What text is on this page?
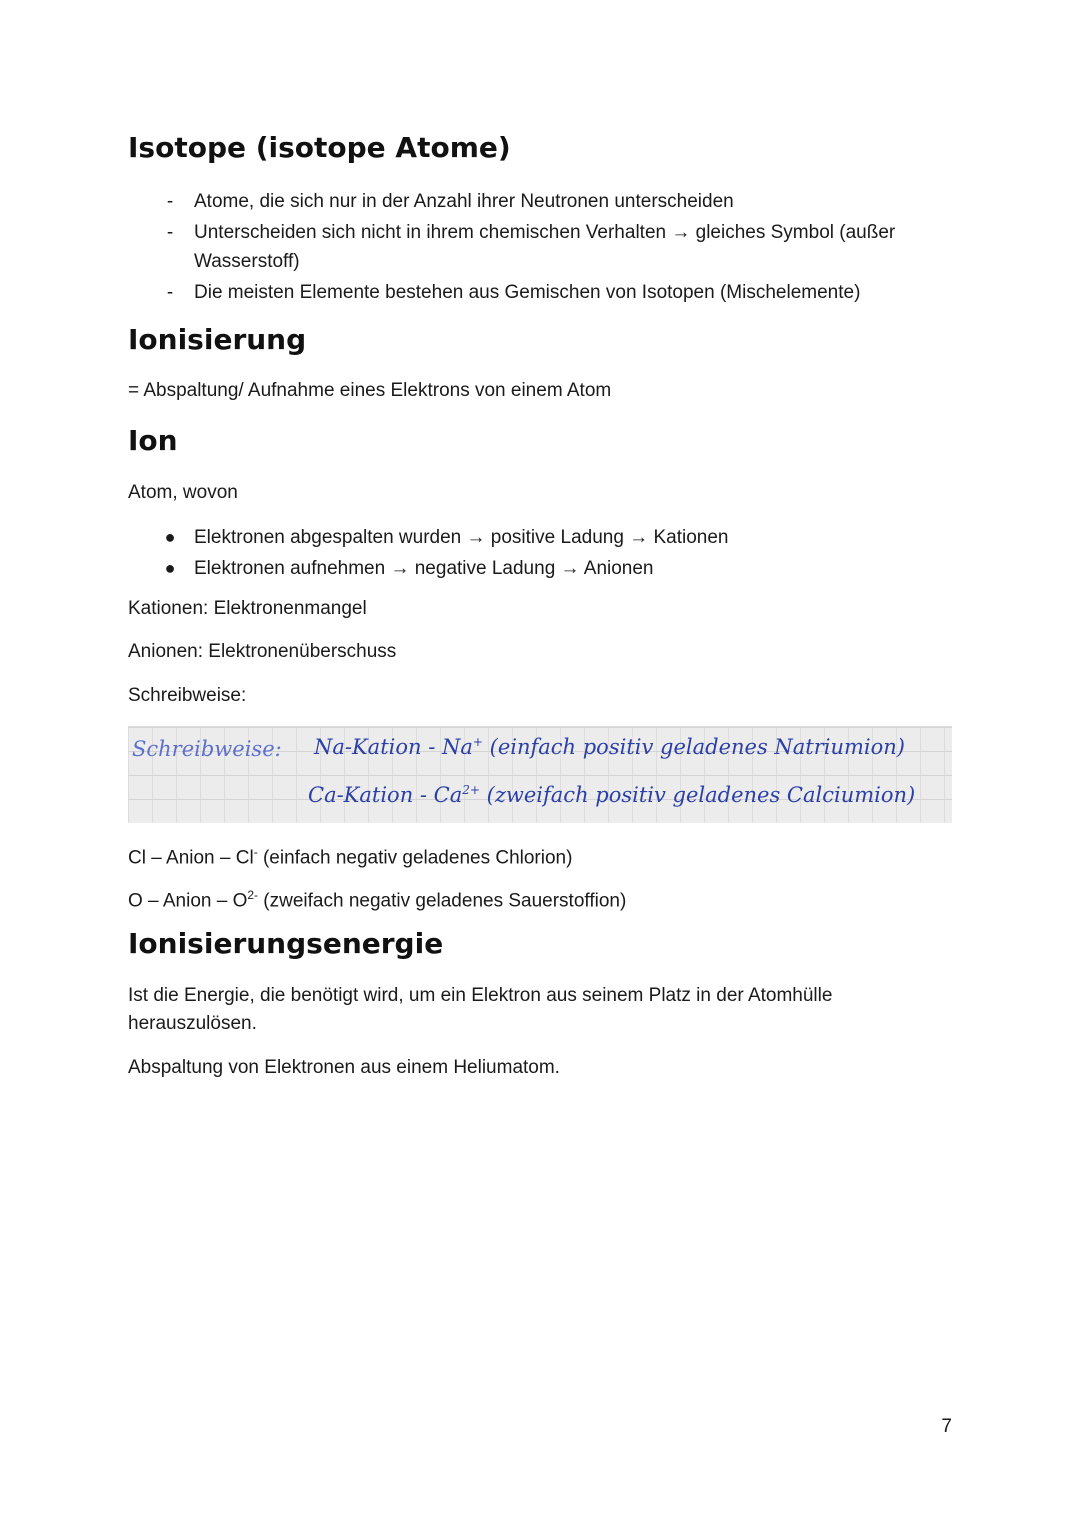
Isotope (isotope Atome)
- Atome, die sich nur in der Anzahl ihrer Neutronen unterscheiden
- Unterscheiden sich nicht in ihrem chemischen Verhalten → gleiches Symbol (außer Wasserstoff)
- Die meisten Elemente bestehen aus Gemischen von Isotopen (Mischelemente)
Ionisierung

= Abspaltung/ Aufnahme eines Elektrons von einem Atom

Ion

Atom, wovon

● Elektronen abgespalten wurden → positive Ladung → Kationen
● Elektronen aufnehmen → negative Ladung → Anionen

Kationen: Elektronenmangel

Anionen: Elektronenüberschuss

Schreibweise:

Schreibweise: Na-Kation - Na+ (einfach positiv geladenes Natriumion)
Ca-Kation - $Ca^{2+}$ (zweifach positiv geladenes Calciumion)

Cl – Anion – Cl- (einfach negativ geladenes Chlorion)

O – Anion – $O^{2-}$ (zweifach negativ geladenes Sauerstoffion)

Ionisierungsenergie

Ist die Energie, die benötigt wird, um ein Elektron aus seinem Platz in der Atomhülle herauszulösen.

Abspaltung von Elektronen aus einem Heliumatom.

7
